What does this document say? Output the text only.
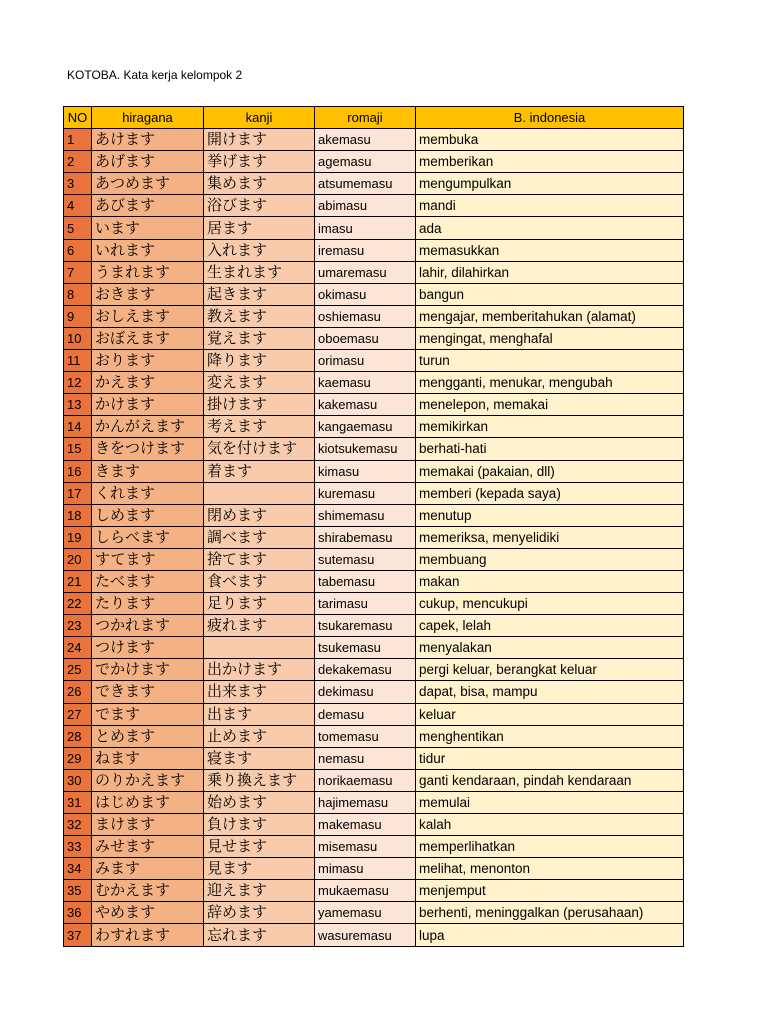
KOTOBA. Kata kerja kelompok 2
NO	hiragana	kanji	romaji	B. indonesia
1	あけます	開けます	akemasu	membuka
2	あげます	挙げます	agemasu	memberikan
3	あつめます	集めます	atsumemasu	mengumpulkan
4	あびます	浴びます	abimasu	mandi
5	います	居ます	imasu	ada
6	いれます	入れます	iremasu	memasukkan
7	うまれます	生まれます	umaremasu	lahir, dilahirkan
8	おきます	起きます	okimasu	bangun
9	おしえます	教えます	oshiemasu	mengajar, memberitahukan (alamat)
10	おぼえます	覚えます	oboemasu	mengingat, menghafal
11	おります	降ります	orimasu	turun
12	かえます	変えます	kaemasu	mengganti, menukar, mengubah
13	かけます	掛けます	kakemasu	menelepon, memakai
14	かんがえます	考えます	kangaemasu	memikirkan
15	きをつけます	気を付けます	kiotsukemasu	berhati-hati
16	きます	着ます	kimasu	memakai (pakaian, dll)
17	くれます		kuremasu	memberi (kepada saya)
18	しめます	閉めます	shimemasu	menutup
19	しらべます	調べます	shirabemasu	memeriksa, menyelidiki
20	すてます	捨てます	sutemasu	membuang
21	たべます	食べます	tabemasu	makan
22	たります	足ります	tarimasu	cukup, mencukupi
23	つかれます	疲れます	tsukaremasu	capek, lelah
24	つけます		tsukemasu	menyalakan
25	でかけます	出かけます	dekakemasu	pergi keluar, berangkat keluar
26	できます	出来ます	dekimasu	dapat, bisa, mampu
27	でます	出ます	demasu	keluar
28	とめます	止めます	tomemasu	menghentikan
29	ねます	寝ます	nemasu	tidur
30	のりかえます	乗り換えます	norikaemasu	ganti kendaraan, pindah kendaraan
31	はじめます	始めます	hajimemasu	memulai
32	まけます	負けます	makemasu	kalah
33	みせます	見せます	misemasu	memperlihatkan
34	みます	見ます	mimasu	melihat, menonton
35	むかえます	迎えます	mukaemasu	menjemput
36	やめます	辞めます	yamemasu	berhenti, meninggalkan (perusahaan)
37	わすれます	忘れます	wasuremasu	lupa
